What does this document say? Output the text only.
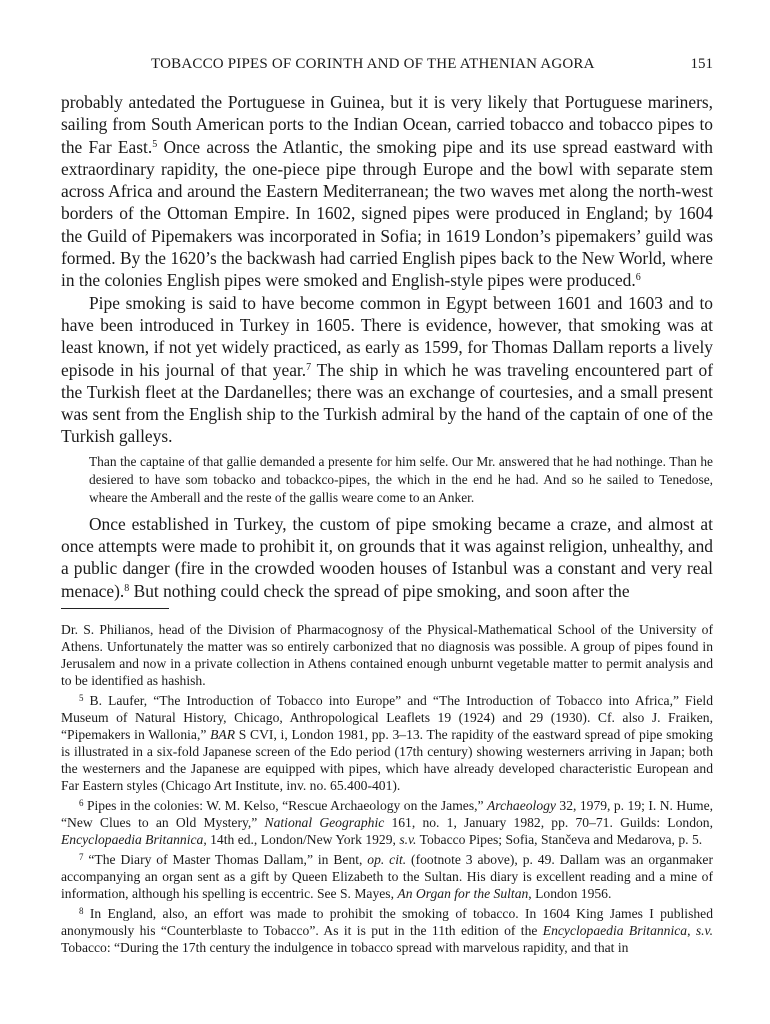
TOBACCO PIPES OF CORINTH AND OF THE ATHENIAN AGORA	151

probably antedated the Portuguese in Guinea, but it is very likely that Portuguese mariners, sailing from South American ports to the Indian Ocean, carried tobacco and tobacco pipes to the Far East.$^5$ Once across the Atlantic, the smoking pipe and its use spread eastward with extraordinary rapidity, the one-piece pipe through Europe and the bowl with separate stem across Africa and around the Eastern Mediterranean; the two waves met along the north-west borders of the Ottoman Empire. In 1602, signed pipes were produced in England; by 1604 the Guild of Pipemakers was incorporated in Sofia; in 1619 London’s pipemakers’ guild was formed. By the 1620’s the backwash had carried English pipes back to the New World, where in the colonies English pipes were smoked and English-style pipes were produced.$^6$

Pipe smoking is said to have become common in Egypt between 1601 and 1603 and to have been introduced in Turkey in 1605. There is evidence, however, that smoking was at least known, if not yet widely practiced, as early as 1599, for Thomas Dallam reports a lively episode in his journal of that year.$^7$ The ship in which he was traveling encountered part of the Turkish fleet at the Dardanelles; there was an exchange of courtesies, and a small present was sent from the English ship to the Turkish admiral by the hand of the captain of one of the Turkish galleys.

Than the captaine of that gallie demanded a presente for him selfe. Our Mr. answered that he had nothinge. Than he desiered to have som tobacko and tobackco-pipes, the which in the end he had. And so he sailed to Tenedose, wheare the Amberall and the reste of the gallis weare come to an Anker.

Once established in Turkey, the custom of pipe smoking became a craze, and almost at once attempts were made to prohibit it, on grounds that it was against religion, unhealthy, and a public danger (fire in the crowded wooden houses of Istanbul was a constant and very real menace).$^8$ But nothing could check the spread of pipe smoking, and soon after the

Dr. S. Philianos, head of the Division of Pharmacognosy of the Physical-Mathematical School of the University of Athens. Unfortunately the matter was so entirely carbonized that no diagnosis was possible. A group of pipes found in Jerusalem and now in a private collection in Athens contained enough unburnt vegetable matter to permit analysis and to be identified as hashish.

$^5$ B. Laufer, “The Introduction of Tobacco into Europe” and “The Introduction of Tobacco into Africa,” Field Museum of Natural History, Chicago, Anthropological Leaflets 19 (1924) and 29 (1930). Cf. also J. Fraiken, “Pipemakers in Wallonia,” BAR S CVI, i, London 1981, pp. 3–13. The rapidity of the eastward spread of pipe smoking is illustrated in a six-fold Japanese screen of the Edo period (17th century) showing westerners arriving in Japan; both the westerners and the Japanese are equipped with pipes, which have already developed characteristic European and Far Eastern styles (Chicago Art Institute, inv. no. 65.400-401).

$^6$ Pipes in the colonies: W. M. Kelso, “Rescue Archaeology on the James,” Archaeology 32, 1979, p. 19; I. N. Hume, “New Clues to an Old Mystery,” National Geographic 161, no. 1, January 1982, pp. 70–71. Guilds: London, Encyclopaedia Britannica, 14th ed., London/New York 1929, s.v. Tobacco Pipes; Sofia, Stančeva and Medarova, p. 5.

$^7$ “The Diary of Master Thomas Dallam,” in Bent, op. cit. (footnote 3 above), p. 49. Dallam was an organmaker accompanying an organ sent as a gift by Queen Elizabeth to the Sultan. His diary is excellent reading and a mine of information, although his spelling is eccentric. See S. Mayes, An Organ for the Sultan, London 1956.

$^8$ In England, also, an effort was made to prohibit the smoking of tobacco. In 1604 King James I published anonymously his “Counterblaste to Tobacco”. As it is put in the 11th edition of the Encyclopaedia Britannica, s.v. Tobacco: “During the 17th century the indulgence in tobacco spread with marvelous rapidity, and that in
